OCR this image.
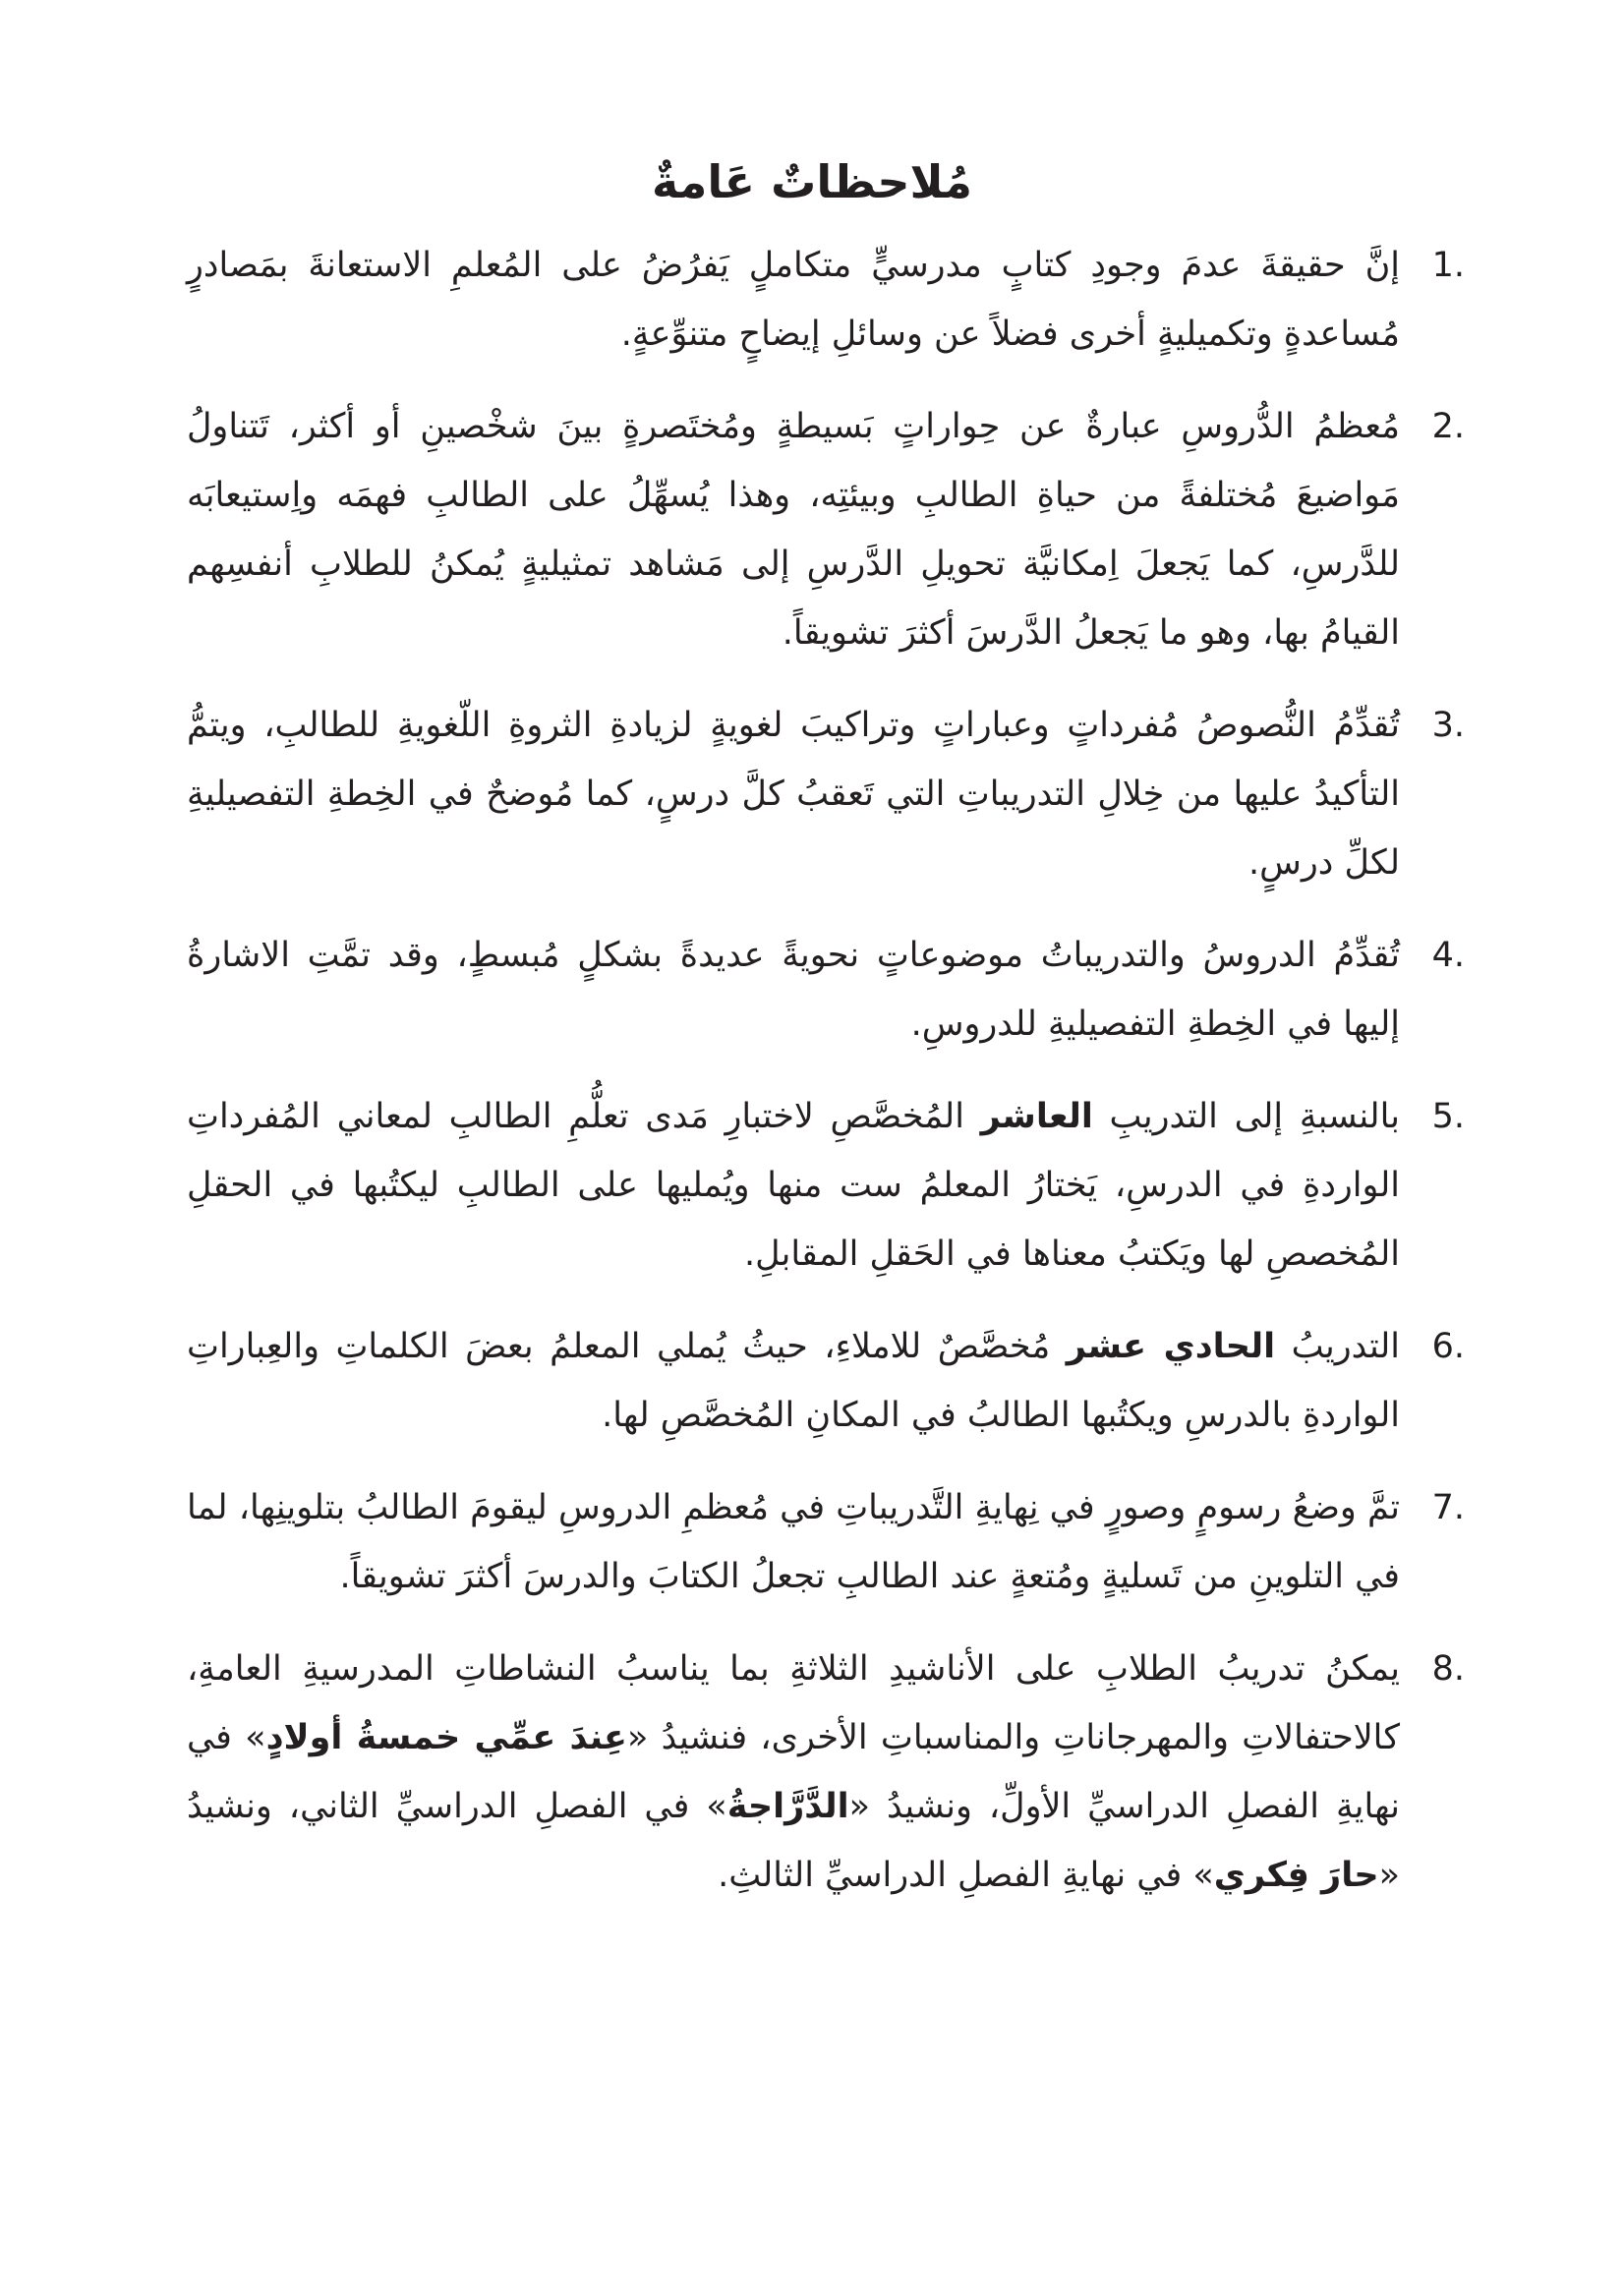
مُلاحظاتٌ عَامةٌ
1.
إنَّ حقيقةَ عدمَ وجودِ كتابٍ مدرسيٍّ متكاملٍ يَفرُضُ على المُعلمِ الاستعانةَ بمَصادرٍ مُساعدةٍ وتكميليةٍ أخرى فضلاً عن وسائلِ إيضاحٍ متنوِّعةٍ.
2.
مُعظمُ الدُّروسِ عبارةٌ عن حِواراتٍ بَسيطةٍ ومُختَصرةٍ بينَ شخْصينِ أو أكثر، تَتناولُ مَواضيعَ مُختلفةً من حياةِ الطالبِ وبيئتِه، وهذا يُسهِّلُ على الطالبِ فهمَه واِستيعابَه للدَّرسِ، كما يَجعلَ اِمكانيَّة تحويلِ الدَّرسِ إلى مَشاهد تمثيليةٍ يُمكنُ للطلابِ أنفسِهم القيامُ بها، وهو ما يَجعلُ الدَّرسَ أكثرَ تشويقاً.
3.
تُقدِّمُ النُّصوصُ مُفرداتٍ وعباراتٍ وتراكيبَ لغويةٍ لزيادةِ الثروةِ اللّغويةِ للطالبِ، ويتمُّ التأكيدُ عليها من خِلالِ التدريباتِ التي تَعقبُ كلَّ درسٍ، كما مُوضحٌ في الخِطةِ التفصيليةِ لكلِّ درسٍ.
4.
تُقدِّمُ الدروسُ والتدريباتُ موضوعاتٍ نحويةً عديدةً بشكلٍ مُبسطٍ، وقد تمَّتِ الاشارةُ إليها في الخِطةِ التفصيليةِ للدروسِ.
5.
بالنسبةِ إلى التدريبِ العاشر المُخصَّصِ لاختبارِ مَدى تعلُّمِ الطالبِ لمعاني المُفرداتِ الواردةِ في الدرسِ، يَختارُ المعلمُ ست منها ويُمليها على الطالبِ ليكتُبها في الحقلِ المُخصصِ لها ويَكتبُ معناها في الحَقلِ المقابلِ.
6.
التدريبُ الحادي عشر مُخصَّصٌ للاملاءِ، حيثُ يُملي المعلمُ بعضَ الكلماتِ والعِباراتِ الواردةِ بالدرسِ ويكتُبها الطالبُ في المكانِ المُخصَّصِ لها.
7.
تمَّ وضعُ رسومٍ وصورٍ في نِهايةِ التَّدريباتِ في مُعظمِ الدروسِ ليقومَ الطالبُ بتلوينِها، لما في التلوينِ من تَسليةٍ ومُتعةٍ عند الطالبِ تجعلُ الكتابَ والدرسَ أكثرَ تشويقاً.
8.
يمكنُ تدريبُ الطلابِ على الأناشيدِ الثلاثةِ بما يناسبُ النشاطاتِ المدرسيةِ العامةِ، كالاحتفالاتِ والمهرجاناتِ والمناسباتِ الأخرى، فنشيدُ «عِندَ عمِّي خمسةُ أولادٍ» في نهايةِ الفصلِ الدراسيِّ الأولِّ، ونشيدُ «الدَّرَّاجةُ» في الفصلِ الدراسيِّ الثاني، ونشيدُ «حارَ فِكري» في نهايةِ الفصلِ الدراسيِّ الثالثِ.
